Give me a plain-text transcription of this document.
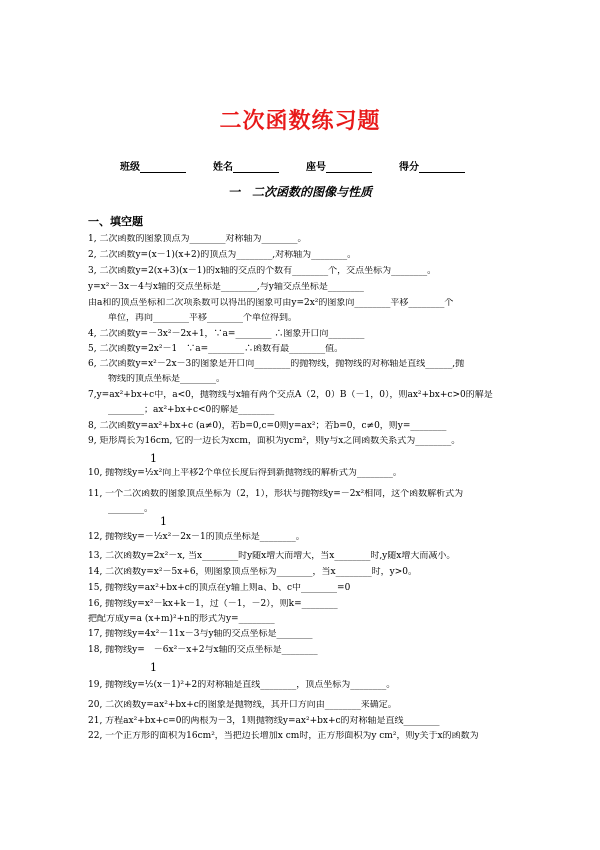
二次函数练习题
班级	姓名	座号	得分
一　二次函数的图像与性质
一、填空题
1, 二次函数的图象顶点为________对称轴为________。
2, 二次函数y=(x－1)(x+2)的顶点为________,对称轴为________。
3, 二次函数y=2(x+3)(x－1)的x轴的交点的个数有________个，交点坐标为________。
y=x²－3x－4与x轴的交点坐标是________,与y轴交点坐标是________
由a和的顶点坐标和二次项系数可以得出的图象可由y=2x²的图象向________平移________个
单位，再向________平移________个单位得到。
4, 二次函数y=－3x²－2x+1，∵a=________ ∴图象开口向________
5, 二次函数y=2x²－1　∵a=________∴函数有最________值。
6, 二次函数y=x²－2x－3的图象是开口向________的抛物线，抛物线的对称轴是直线______,抛
物线的顶点坐标是________。
7,y=ax²+bx+c中，a<0，抛物线与x轴有两个交点A（2，0）B（－1，0），则ax²+bx+c>0的解是
________；ax²+bx+c<0的解是________
8, 二次函数y=ax²+bx+c (a≠0)，若b=0,c=0则y=ax²；若b=0，c≠0，则y=________
9, 矩形周长为16cm, 它的一边长为xcm，面积为ycm²，则y与x之间函数关系式为________。
1
10, 抛物线y=½x²向上平移2个单位长度后得到新抛物线的解析式为________。
11, 一个二次函数的图象顶点坐标为（2，1），形状与抛物线y=－2x²相同，这个函数解析式为
________。
1
12, 抛物线y=－½x²－2x－1的顶点坐标是________。
13, 二次函数y=2x²－x, 当x________时y随x增大而增大，当x________时,y随x增大而减小。
14, 二次函数y=x²－5x+6，则图象顶点坐标为________，当x________时，y>0。
15, 抛物线y=ax²+bx+c的顶点在y轴上则a、b、c中________=0
16, 抛物线y=x²－kx+k－1，过（－1，－2），则k=________
把配方成y=a (x+m)²+n的形式为y=________
17, 抛物线y=4x²－11x－3与y轴的交点坐标是________
18, 抛物线y=　－6x²－x+2与x轴的交点坐标是________
1
19, 抛物线y=½(x－1)²+2的对称轴是直线________，顶点坐标为________。
20, 二次函数y=ax²+bx+c的图象是抛物线，其开口方向由________来确定。
21, 方程ax²+bx+c=0的两根为－3，1则抛物线y=ax²+bx+c的对称轴是直线________
22, 一个正方形的面积为16cm²，当把边长增加x cm时，正方形面积为y cm²，则y关于x的函数为
